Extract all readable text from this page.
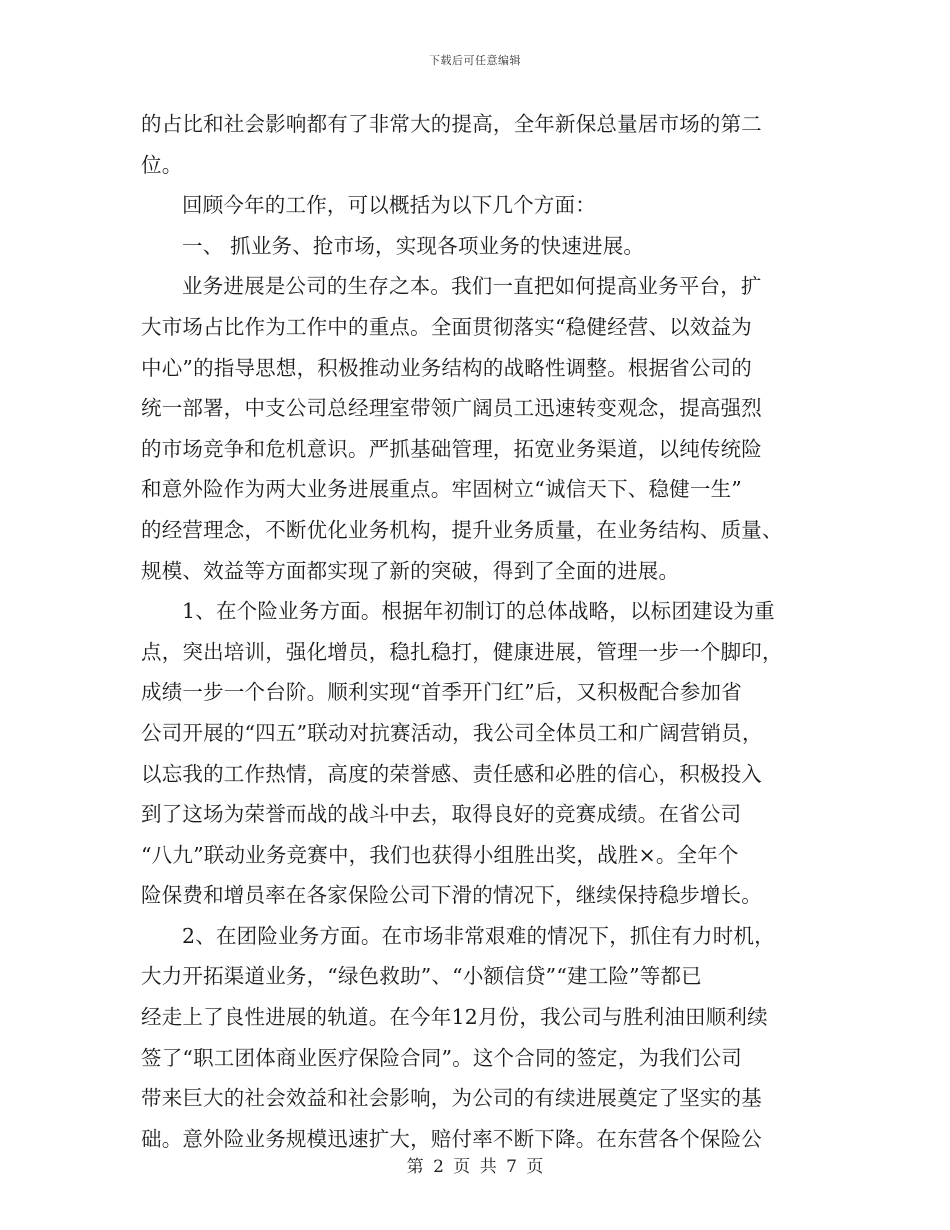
下载后可任意编辑
的占比和社会影响都有了非常大的提高，全年新保总量居市场的第二
位。
回顾今年的工作，可以概括为以下几个方面：
一、 抓业务、抢市场，实现各项业务的快速进展。
业务进展是公司的生存之本。我们一直把如何提高业务平台，扩
大市场占比作为工作中的重点。全面贯彻落实“稳健经营、以效益为
中心”的指导思想，积极推动业务结构的战略性调整。根据省公司的
统一部署，中支公司总经理室带领广阔员工迅速转变观念，提高强烈
的市场竞争和危机意识。严抓基础管理，拓宽业务渠道，以纯传统险
和意外险作为两大业务进展重点。牢固树立“诚信天下、稳健一生”
的经营理念，不断优化业务机构，提升业务质量，在业务结构、质量、
规模、效益等方面都实现了新的突破，得到了全面的进展。
1、在个险业务方面。根据年初制订的总体战略，以标团建设为重
点，突出培训，强化增员，稳扎稳打，健康进展，管理一步一个脚印，
成绩一步一个台阶。顺利实现“首季开门红”后，又积极配合参加省
公司开展的“四五”联动对抗赛活动，我公司全体员工和广阔营销员，
以忘我的工作热情，高度的荣誉感、责任感和必胜的信心，积极投入
到了这场为荣誉而战的战斗中去，取得良好的竞赛成绩。在省公司
“八九”联动业务竞赛中，我们也获得小组胜出奖，战胜×。全年个
险保费和增员率在各家保险公司下滑的情况下，继续保持稳步增长。
2、在团险业务方面。在市场非常艰难的情况下，抓住有力时机，
大力开拓渠道业务，“绿色救助”、“小额信贷”“建工险”等都已
经走上了良性进展的轨道。在今年12月份，我公司与胜利油田顺利续
签了“职工团体商业医疗保险合同”。这个合同的签定，为我们公司
带来巨大的社会效益和社会影响，为公司的有续进展奠定了坚实的基
础。意外险业务规模迅速扩大，赔付率不断下降。在东营各个保险公
第 2 页 共 7 页
